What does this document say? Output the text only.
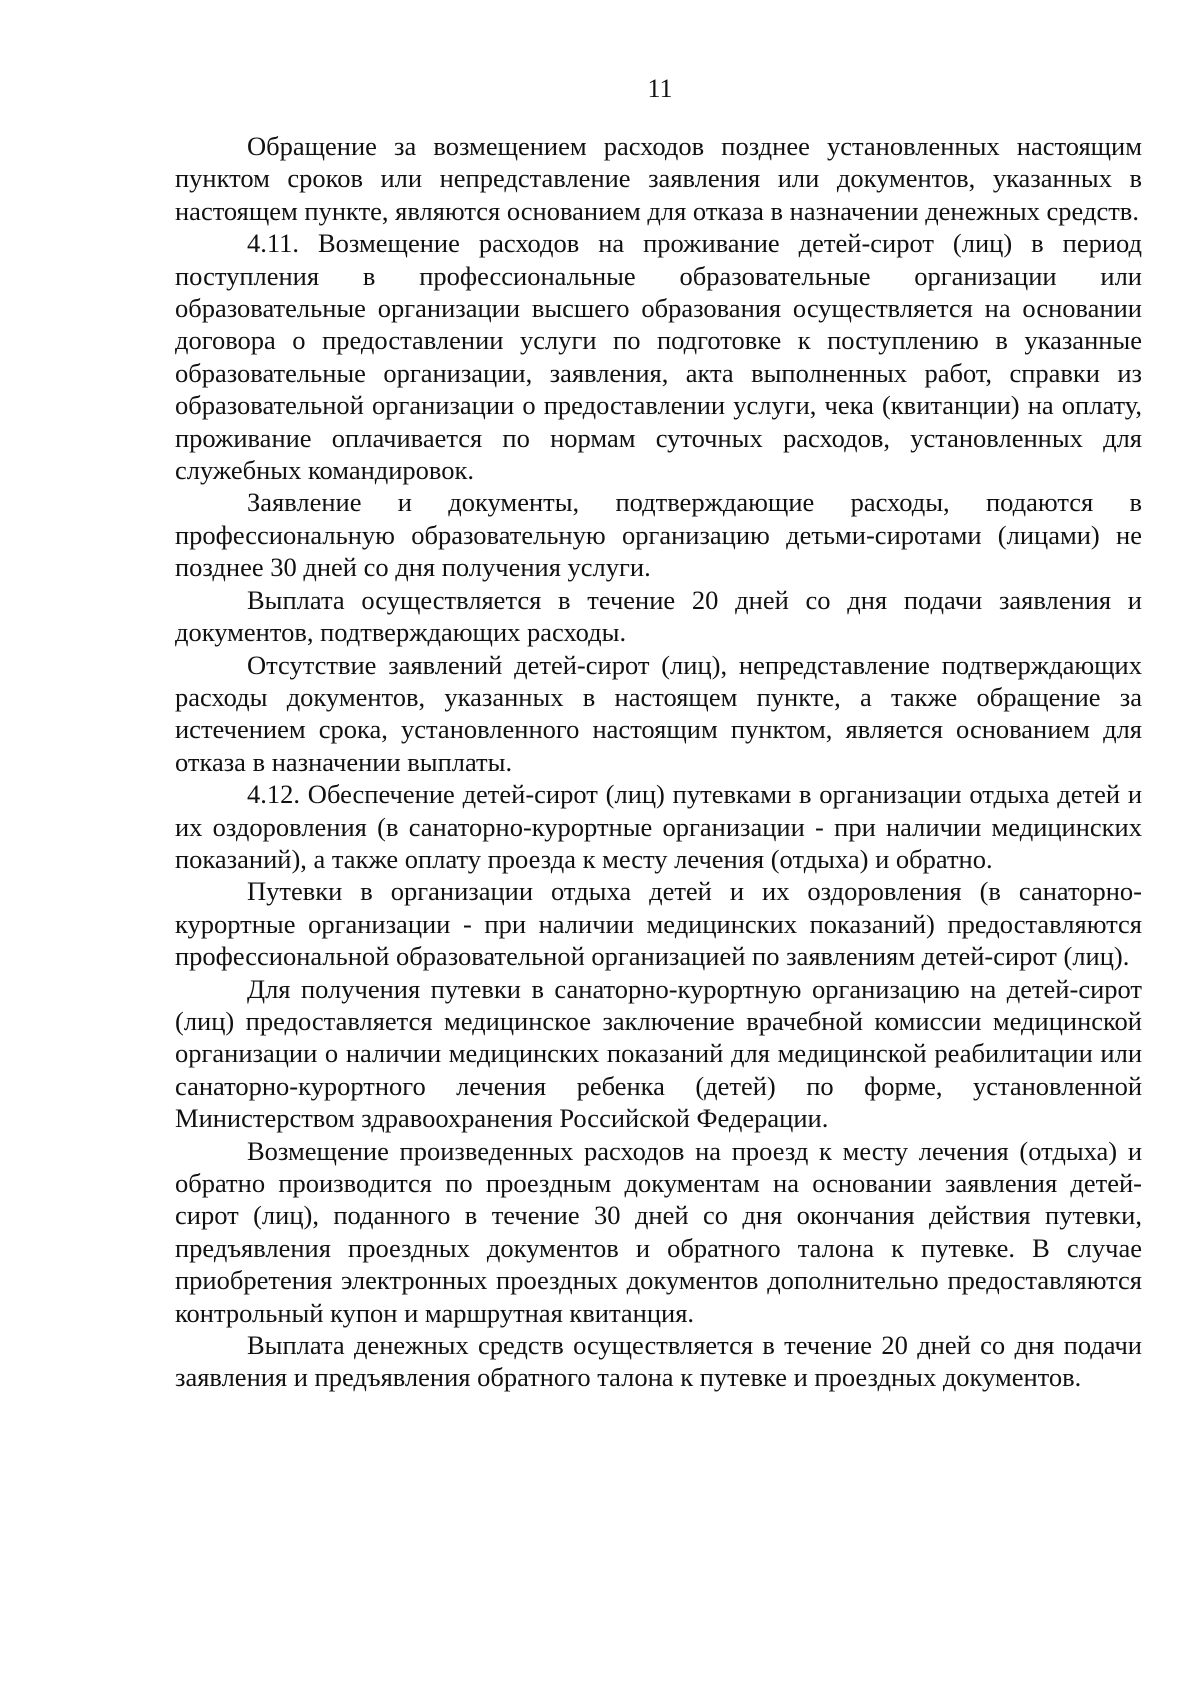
11

Обращение за возмещением расходов позднее установленных настоящим пунктом сроков или непредставление заявления или документов, указанных в настоящем пункте, являются основанием для отказа в назначении денежных средств.

4.11. Возмещение расходов на проживание детей-сирот (лиц) в период поступления в профессиональные образовательные организации или образовательные организации высшего образования осуществляется на основании договора о предоставлении услуги по подготовке к поступлению в указанные образовательные организации, заявления, акта выполненных работ, справки из образовательной организации о предоставлении услуги, чека (квитанции) на оплату, проживание оплачивается по нормам суточных расходов, установленных для служебных командировок.

Заявление и документы, подтверждающие расходы, подаются в профессиональную образовательную организацию детьми-сиротами (лицами) не позднее 30 дней со дня получения услуги.

Выплата осуществляется в течение 20 дней со дня подачи заявления и документов, подтверждающих расходы.

Отсутствие заявлений детей-сирот (лиц), непредставление подтверждающих расходы документов, указанных в настоящем пункте, а также обращение за истечением срока, установленного настоящим пунктом, является основанием для отказа в назначении выплаты.

4.12. Обеспечение детей-сирот (лиц) путевками в организации отдыха детей и их оздоровления (в санаторно-курортные организации - при наличии медицинских показаний), а также оплату проезда к месту лечения (отдыха) и обратно.

Путевки в организации отдыха детей и их оздоровления (в санаторно-курортные организации - при наличии медицинских показаний) предоставляются профессиональной образовательной организацией по заявлениям детей-сирот (лиц).

Для получения путевки в санаторно-курортную организацию на детей-сирот (лиц) предоставляется медицинское заключение врачебной комиссии медицинской организации о наличии медицинских показаний для медицинской реабилитации или санаторно-курортного лечения ребенка (детей) по форме, установленной Министерством здравоохранения Российской Федерации.

Возмещение произведенных расходов на проезд к месту лечения (отдыха) и обратно производится по проездным документам на основании заявления детей-сирот (лиц), поданного в течение 30 дней со дня окончания действия путевки, предъявления проездных документов и обратного талона к путевке. В случае приобретения электронных проездных документов дополнительно предоставляются контрольный купон и маршрутная квитанция.

Выплата денежных средств осуществляется в течение 20 дней со дня подачи заявления и предъявления обратного талона к путевке и проездных документов.
